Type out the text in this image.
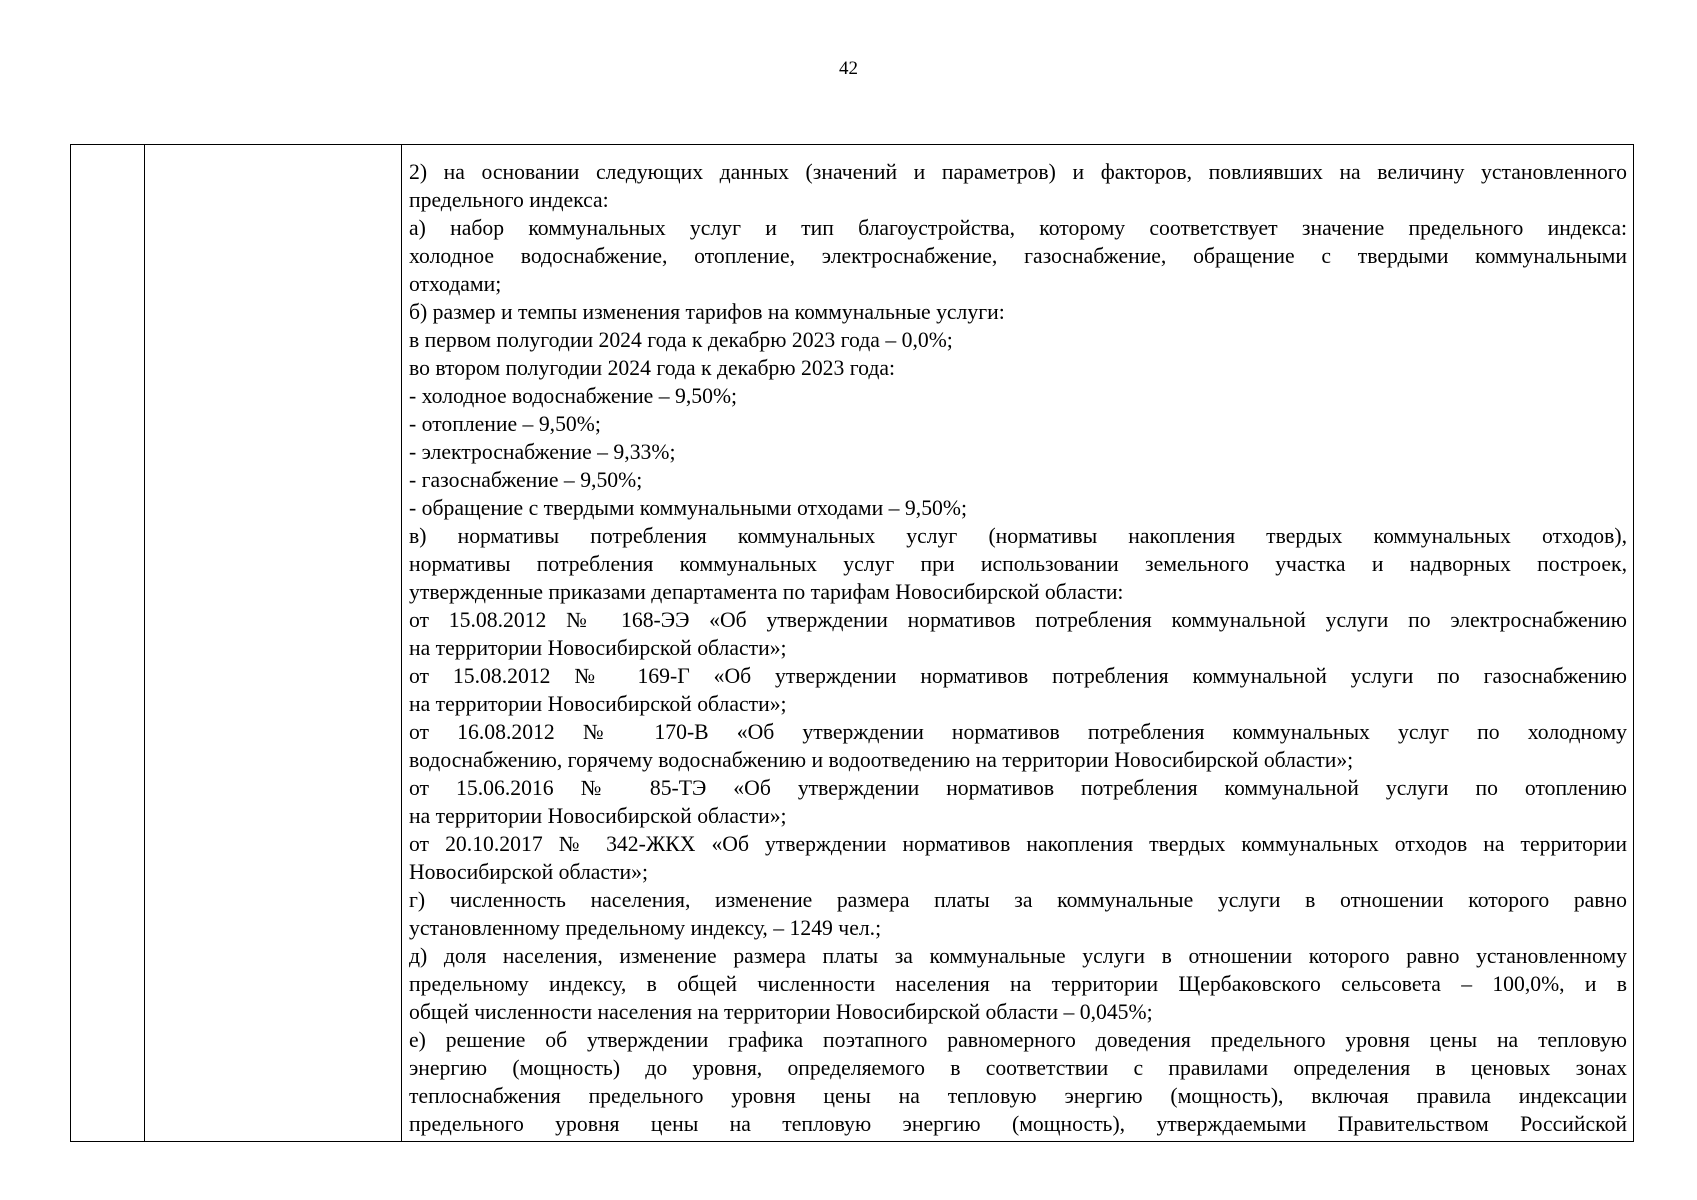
42
2) на основании следующих данных (значений и параметров) и факторов, повлиявших на величину установленного
предельного индекса:
а) набор коммунальных услуг и тип благоустройства, которому соответствует значение предельного индекса:
холодное водоснабжение, отопление, электроснабжение, газоснабжение, обращение с твердыми коммунальными
отходами;
б) размер и темпы изменения тарифов на коммунальные услуги:
в первом полугодии 2024 года к декабрю 2023 года – 0,0%;
во втором полугодии 2024 года к декабрю 2023 года:
- холодное водоснабжение – 9,50%;
- отопление – 9,50%;
- электроснабжение – 9,33%;
- газоснабжение – 9,50%;
- обращение с твердыми коммунальными отходами – 9,50%;
в) нормативы потребления коммунальных услуг (нормативы накопления твердых коммунальных отходов),
нормативы потребления коммунальных услуг при использовании земельного участка и надворных построек,
утвержденные приказами департамента по тарифам Новосибирской области:
от 15.08.2012 № 168-ЭЭ «Об утверждении нормативов потребления коммунальной услуги по электроснабжению
на территории Новосибирской области»;
от 15.08.2012 № 169-Г «Об утверждении нормативов потребления коммунальной услуги по газоснабжению
на территории Новосибирской области»;
от 16.08.2012 № 170-В «Об утверждении нормативов потребления коммунальных услуг по холодному
водоснабжению, горячему водоснабжению и водоотведению на территории Новосибирской области»;
от 15.06.2016 № 85-ТЭ «Об утверждении нормативов потребления коммунальной услуги по отоплению
на территории Новосибирской области»;
от 20.10.2017 № 342-ЖКХ «Об утверждении нормативов накопления твердых коммунальных отходов на территории
Новосибирской области»;
г) численность населения, изменение размера платы за коммунальные услуги в отношении которого равно
установленному предельному индексу, – 1249 чел.;
д) доля населения, изменение размера платы за коммунальные услуги в отношении которого равно установленному
предельному индексу, в общей численности населения на территории Щербаковского сельсовета – 100,0%, и в
общей численности населения на территории Новосибирской области – 0,045%;
е) решение об утверждении графика поэтапного равномерного доведения предельного уровня цены на тепловую
энергию (мощность) до уровня, определяемого в соответствии с правилами определения в ценовых зонах
теплоснабжения предельного уровня цены на тепловую энергию (мощность), включая правила индексации
предельного уровня цены на тепловую энергию (мощность), утверждаемыми Правительством Российской
